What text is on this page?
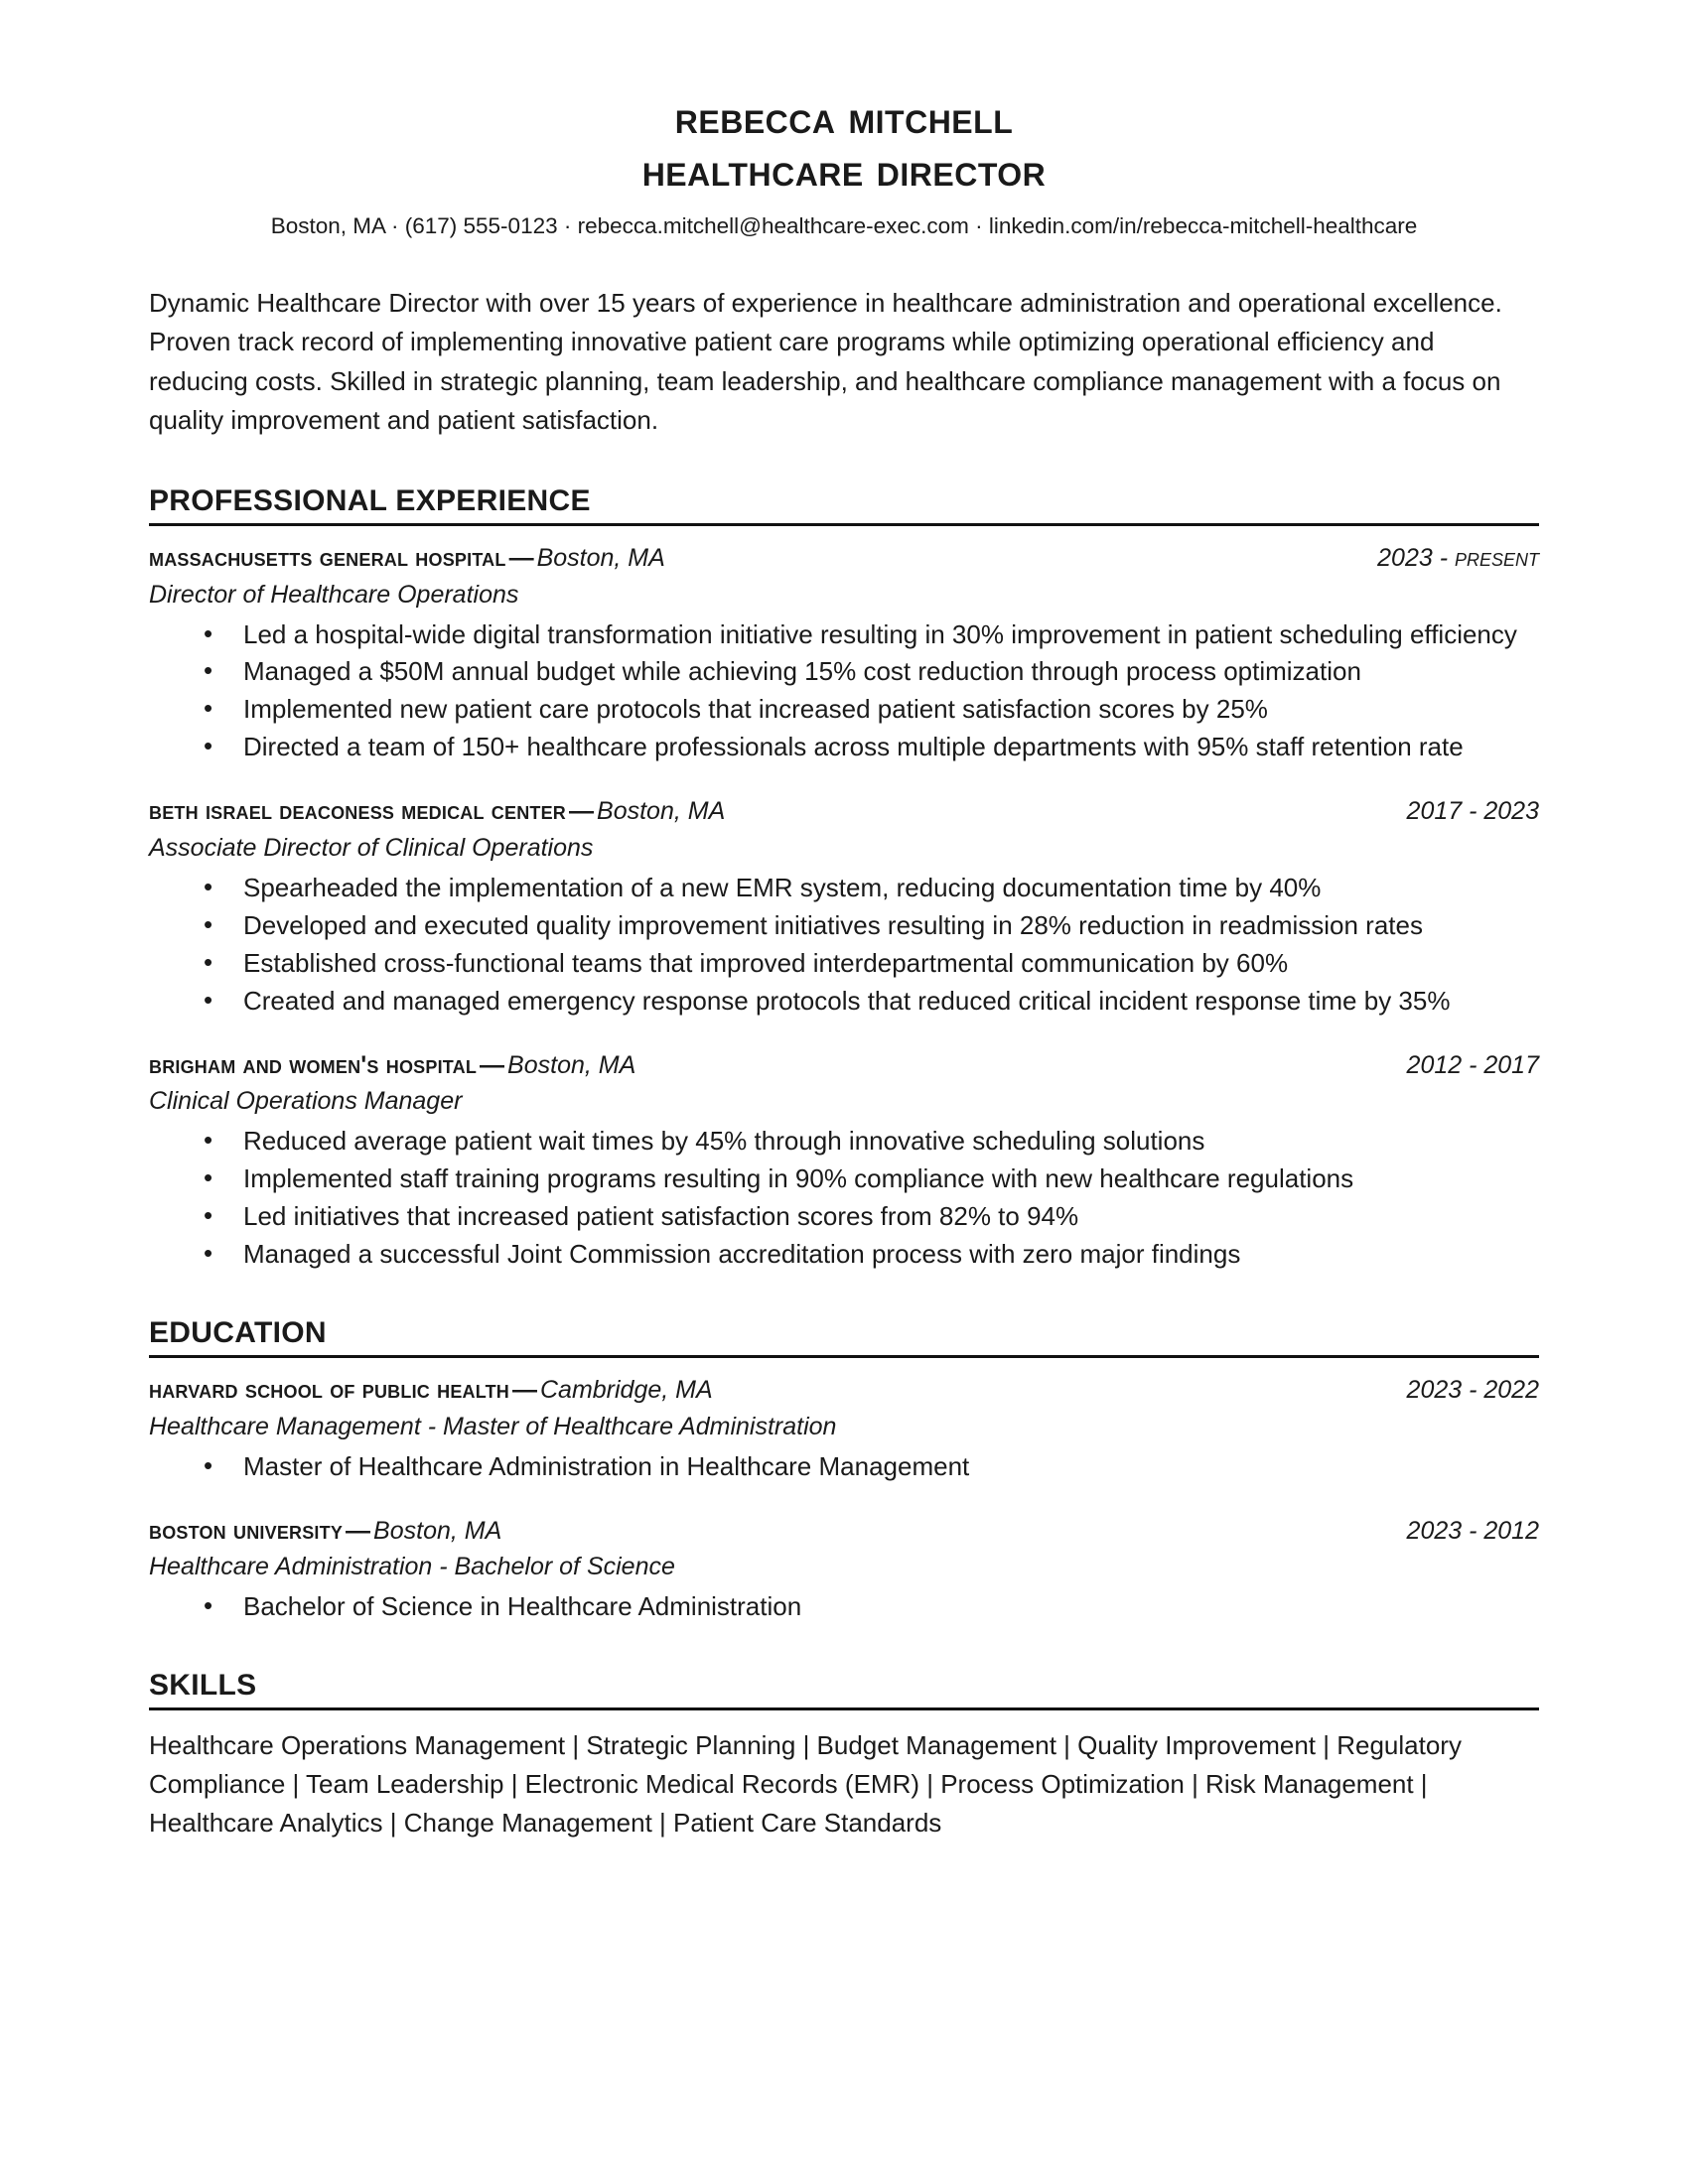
rebecca mitchell
healthcare director
Boston, MA · (617) 555-0123 · rebecca.mitchell@healthcare-exec.com · linkedin.com/in/rebecca-mitchell-healthcare

Dynamic Healthcare Director with over 15 years of experience in healthcare administration and operational excellence. Proven track record of implementing innovative patient care programs while optimizing operational efficiency and reducing costs. Skilled in strategic planning, team leadership, and healthcare compliance management with a focus on quality improvement and patient satisfaction.

PROFESSIONAL EXPERIENCE
massachusetts general hospital — Boston, MA	2023 - present
Director of Healthcare Operations
• Led a hospital-wide digital transformation initiative resulting in 30% improvement in patient scheduling efficiency
• Managed a $50M annual budget while achieving 15% cost reduction through process optimization
• Implemented new patient care protocols that increased patient satisfaction scores by 25%
• Directed a team of 150+ healthcare professionals across multiple departments with 95% staff retention rate
beth israel deaconess medical center — Boston, MA	2017 - 2023
Associate Director of Clinical Operations
• Spearheaded the implementation of a new EMR system, reducing documentation time by 40%
• Developed and executed quality improvement initiatives resulting in 28% reduction in readmission rates
• Established cross-functional teams that improved interdepartmental communication by 60%
• Created and managed emergency response protocols that reduced critical incident response time by 35%
brigham and women's hospital — Boston, MA	2012 - 2017
Clinical Operations Manager
• Reduced average patient wait times by 45% through innovative scheduling solutions
• Implemented staff training programs resulting in 90% compliance with new healthcare regulations
• Led initiatives that increased patient satisfaction scores from 82% to 94%
• Managed a successful Joint Commission accreditation process with zero major findings
EDUCATION
harvard school of public health — Cambridge, MA	2023 - 2022
Healthcare Management - Master of Healthcare Administration
• Master of Healthcare Administration in Healthcare Management
boston university — Boston, MA	2023 - 2012
Healthcare Administration - Bachelor of Science
• Bachelor of Science in Healthcare Administration
SKILLS

Healthcare Operations Management | Strategic Planning | Budget Management | Quality Improvement | Regulatory Compliance | Team Leadership | Electronic Medical Records (EMR) | Process Optimization | Risk Management | Healthcare Analytics | Change Management | Patient Care Standards
